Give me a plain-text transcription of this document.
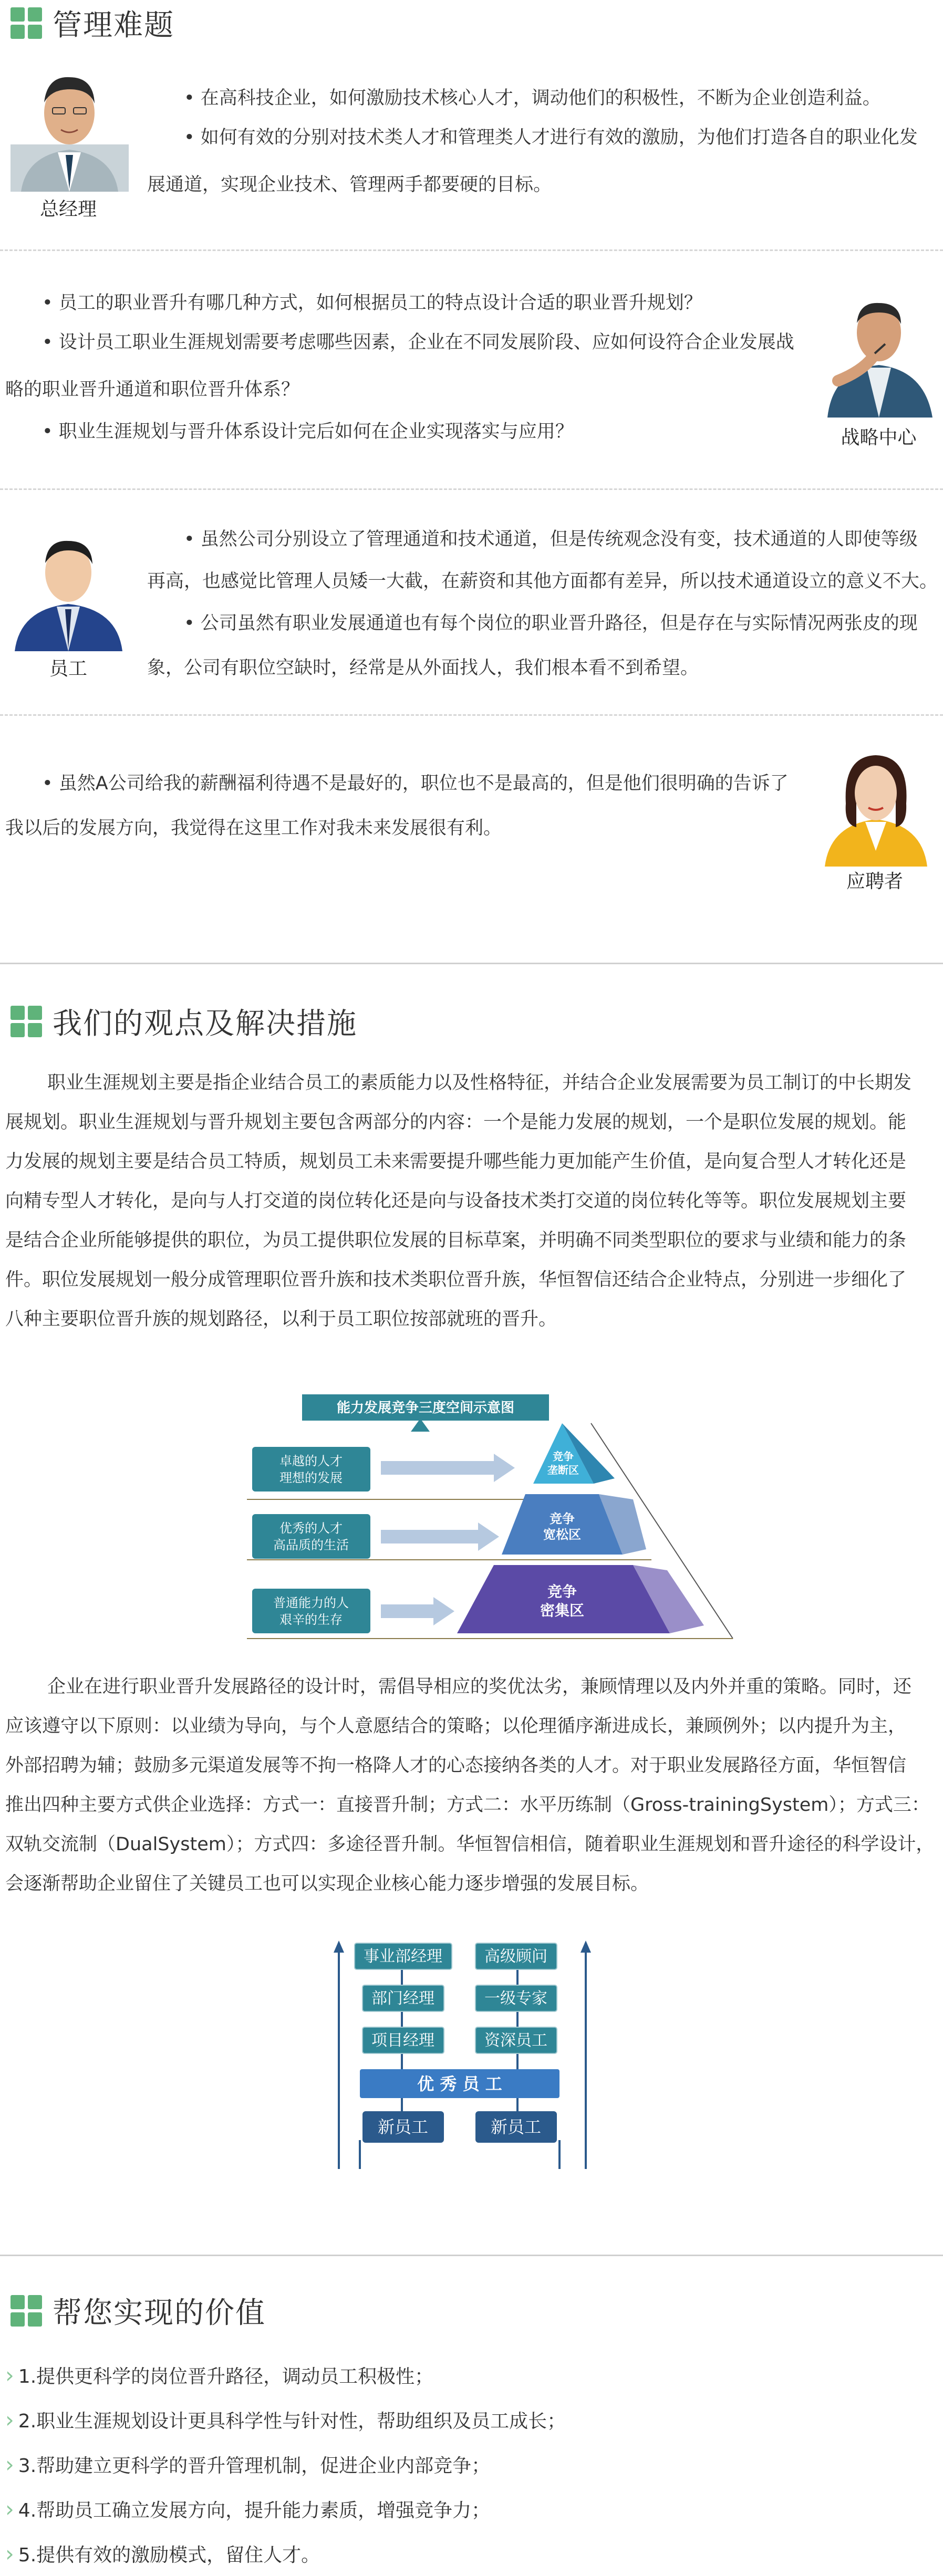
管理难题
总经理

• 在高科技企业，如何激励技术核心人才，调动他们的积极性，不断为企业创造利益。

• 如何有效的分别对技术类人才和管理类人才进行有效的激励，为他们打造各自的职业化发

展通道，实现企业技术、管理两手都要硬的目标。

• 员工的职业晋升有哪几种方式，如何根据员工的特点设计合适的职业晋升规划？

• 设计员工职业生涯规划需要考虑哪些因素，企业在不同发展阶段、应如何设符合企业发展战

略的职业晋升通道和职位晋升体系？

• 职业生涯规划与晋升体系设计完后如何在企业实现落实与应用？	战略中心
员工

• 虽然公司分别设立了管理通道和技术通道，但是传统观念没有变，技术通道的人即使等级

再高，也感觉比管理人员矮一大截，在薪资和其他方面都有差异，所以技术通道设立的意义不大。

• 公司虽然有职业发展通道也有每个岗位的职业晋升路径，但是存在与实际情况两张皮的现

象，公司有职位空缺时，经常是从外面找人，我们根本看不到希望。

• 虽然A公司给我的薪酬福利待遇不是最好的，职位也不是最高的，但是他们很明确的告诉了

我以后的发展方向，我觉得在这里工作对我未来发展很有利。

应聘者
我们的观点及解决措施

职业生涯规划主要是指企业结合员工的素质能力以及性格特征，并结合企业发展需要为员工制订的中长期发

展规划。职业生涯规划与晋升规划主要包含两部分的内容：一个是能力发展的规划，一个是职位发展的规划。能

力发展的规划主要是结合员工特质，规划员工未来需要提升哪些能力更加能产生价值，是向复合型人才转化还是

向精专型人才转化，是向与人打交道的岗位转化还是向与设备技术类打交道的岗位转化等等。职位发展规划主要

是结合企业所能够提供的职位，为员工提供职位发展的目标草案，并明确不同类型职位的要求与业绩和能力的条

件。职位发展规划一般分成管理职位晋升族和技术类职位晋升族，华恒智信还结合企业特点，分别进一步细化了

八种主要职位晋升族的规划路径，以利于员工职位按部就班的晋升。

能力发展竞争三度空间示意图
竞争
垄断区
竞争
宽松区
竞争
密集区
卓越的人才
理想的发展
优秀的人才
高品质的生活
普通能力的人
艰辛的生存

企业在进行职业晋升发展路径的设计时，需倡导相应的奖优汰劣，兼顾情理以及内外并重的策略。同时，还

应该遵守以下原则：以业绩为导向，与个人意愿结合的策略；以伦理循序渐进成长，兼顾例外；以内提升为主，

外部招聘为辅；鼓励多元渠道发展等不拘一格降人才的心态接纳各类的人才。对于职业发展路径方面，华恒智信

推出四种主要方式供企业选择：方式一：直接晋升制；方式二：水平历练制（Gross-trainingSystem）；方式三：

双轨交流制（DualSystem）；方式四：多途径晋升制。华恒智信相信，随着职业生涯规划和晋升途径的科学设计，

会逐渐帮助企业留住了关键员工也可以实现企业核心能力逐步增强的发展目标。

事业部经理
部门经理
项目经理
高级顾问
一级专家
资深员工
优 秀 员 工
新员工	新员工
帮您实现的价值
› 1.提供更科学的岗位晋升路径，调动员工积极性；
› 2.职业生涯规划设计更具科学性与针对性，帮助组织及员工成长；
› 3.帮助建立更科学的晋升管理机制，促进企业内部竞争；
› 4.帮助员工确立发展方向，提升能力素质，增强竞争力；
› 5.提供有效的激励模式，留住人才。
